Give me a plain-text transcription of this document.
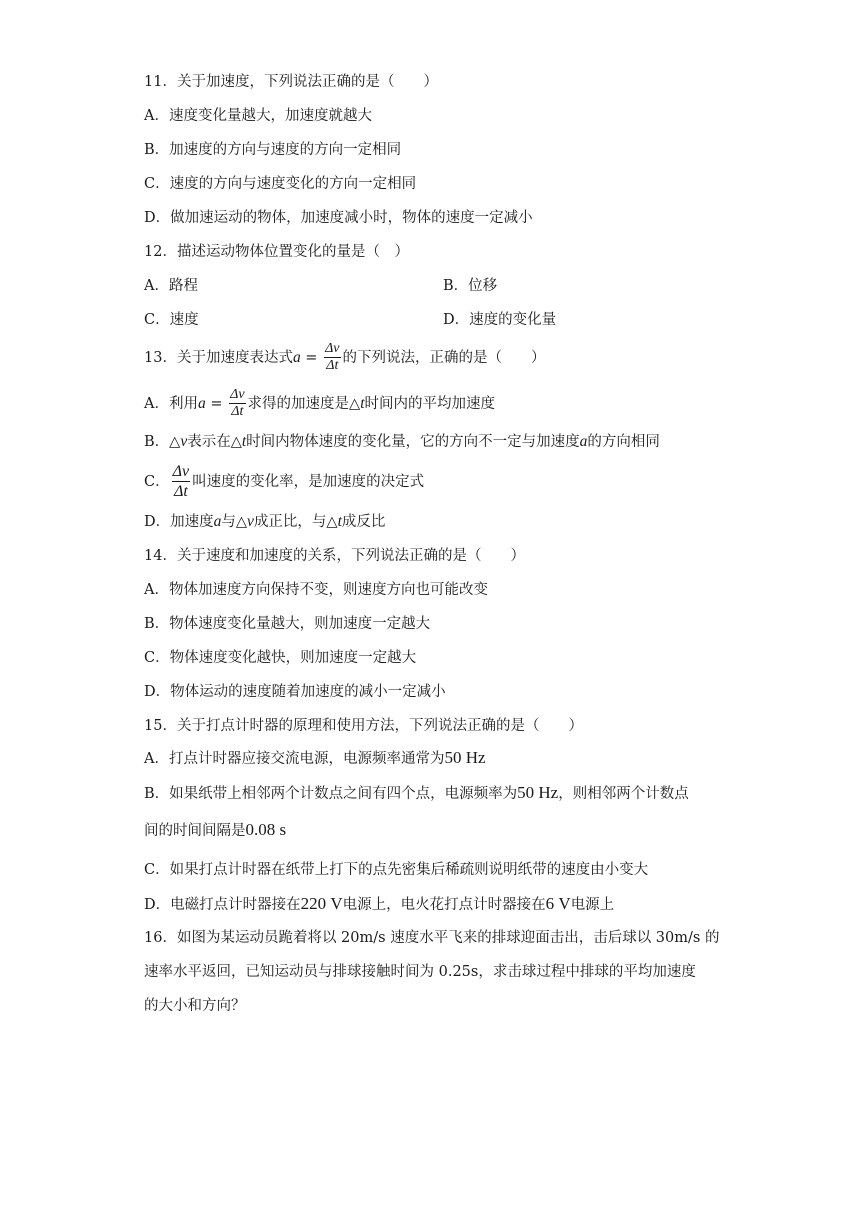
11．关于加速度，下列说法正确的是（　　）
A．速度变化量越大，加速度就越大
B．加速度的方向与速度的方向一定相同
C．速度的方向与速度变化的方向一定相同
D．做加速运动的物体，加速度减小时，物体的速度一定减小
12．描述运动物体位置变化的量是（　）
A．路程	B．位移
C．速度	D．速度的变化量
13．关于加速度表达式$a = \frac{\Delta v}{\Delta t}$ 的下列说法，正确的是（　　）
A．利用$a = \frac{\Delta v}{\Delta t}$ 求得的加速度是△t时间内的平均加速度
B．△v表示在△t时间内物体速度的变化量，它的方向不一定与加速度a的方向相同
C． $\frac{\Delta v}{\Delta t}$ 叫速度的变化率，是加速度的决定式
D．加速度a与△v成正比，与△t成反比
14．关于速度和加速度的关系，下列说法正确的是（　　）
A．物体加速度方向保持不变，则速度方向也可能改变
B．物体速度变化量越大，则加速度一定越大
C．物体速度变化越快，则加速度一定越大
D．物体运动的速度随着加速度的减小一定减小
15．关于打点计时器的原理和使用方法，下列说法正确的是（　　）
A．打点计时器应接交流电源，电源频率通常为50 Hz
B．如果纸带上相邻两个计数点之间有四个点，电源频率为50 Hz，则相邻两个计数点
间的时间间隔是0.08 s
C．如果打点计时器在纸带上打下的点先密集后稀疏则说明纸带的速度由小变大
D．电磁打点计时器接在220 V电源上，电火花打点计时器接在6 V电源上
16．如图为某运动员跪着将以 20m/s 速度水平飞来的排球迎面击出，击后球以 30m/s 的
速率水平返回，已知运动员与排球接触时间为 0.25s，求击球过程中排球的平均加速度
的大小和方向？
